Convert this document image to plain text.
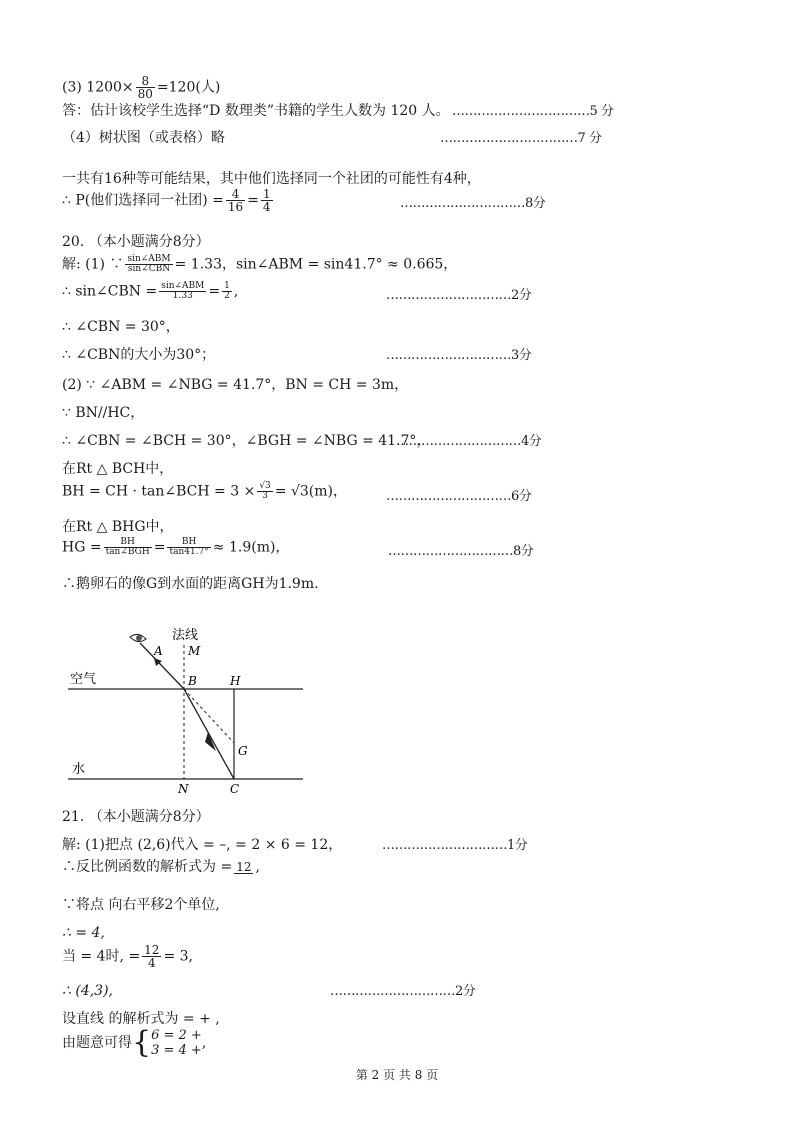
(3) $1200\times \frac{8}{80} =120$(人)
答：估计该校学生选择“D 数理类”书籍的学生人数为 120 人。 ……………………………5 分
（4）树状图（或表格）略	……………………………7 分
一共有16种等可能结果，其中他们选择同一个社团的可能性有4种，
∴ P(他们选择同一社团) = $\frac{4}{16} = \frac{1}{4}$	…………………………8分
20. （本小题满分8分）
解: (1) ∵ $\frac{\text{sin∠ABM}}{\text{sin∠CBN}} = 1.33$，sin∠ABM = sin41.7° ≈ 0.665，
∴ sin∠CBN = $\frac{\text{sin∠ABM}}{1.33} = \frac{1}{2}$ ,	…………………………2分
∴ ∠CBN = 30°，
∴ ∠CBN的大小为30°；	…………………………3分
(2) ∵ ∠ABM = ∠NBG = 41.7°，BN = CH = 3m，
∵ BN//HC，
∴ ∠CBN = ∠BCH = 30°，∠BGH = ∠NBG = 41.7°，
…………………………4分
在Rt △ BCH中，
BH = CH · tan∠BCH = $3 \times \frac{√3}{3} = √3(m)$，	…………………………6分
在Rt △ BHG中，
HG = $\frac{BH}{\text{tan∠BGH}} = \frac{BH}{\tan 41.7^\circ} \approx 1.9(m)$，	…………………………8分
∴鹅卵石的像G到水面的距离GH为1.9m.
法线
A M
空气	B	H
G
水
N	C
21. （本小题满分8分）
解: (1)把点 (2,6)代入 = –, = 2 × 6 = 12，	…………………………1分
∴反比例函数的解析式为 = 12 ,
∵将点 向右平移2个单位,
∴ = 4,
当 = 4时, = $\frac{12}{4} = 3$,
∴ (4,3),	…………………………2分
设直线 的解析式为 = + ,
由题意可得{ 6 = 2 +
3 = 4 + ,
第 2 页 共 8 页
